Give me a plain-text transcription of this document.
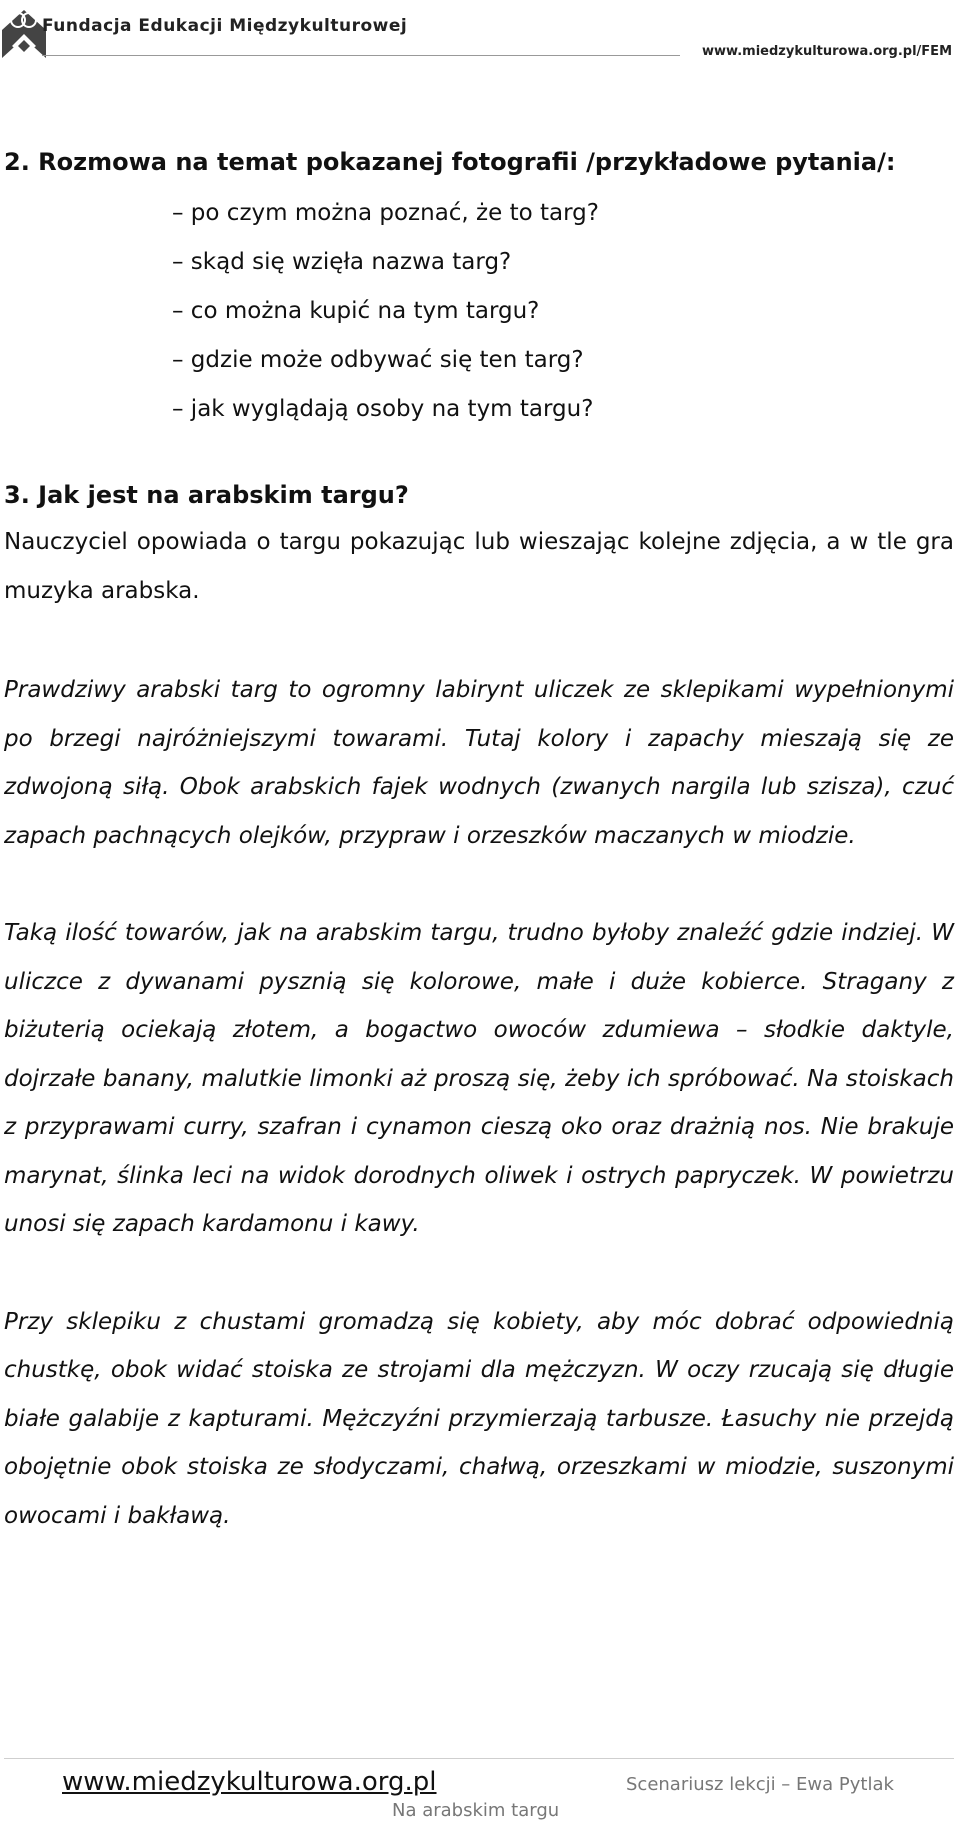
Fundacja Edukacji Międzykulturowej
www.miedzykulturowa.org.pl/FEM

2. Rozmowa na temat pokazanej fotografii /przykładowe pytania/:

– po czym można poznać, że to targ?
– skąd się wzięła nazwa targ?
– co można kupić na tym targu?
– gdzie może odbywać się ten targ?
– jak wyglądają osoby na tym targu?

3. Jak jest na arabskim targu?

Nauczyciel opowiada o targu pokazując lub wieszając kolejne zdjęcia, a w tle gra muzyka arabska.

Prawdziwy arabski targ to ogromny labirynt uliczek ze sklepikami wypełnionymi po brzegi najróżniejszymi towarami. Tutaj kolory i zapachy mieszają się ze zdwojoną siłą. Obok arabskich fajek wodnych (zwanych nargila lub szisza), czuć zapach pachnących olejków, przypraw i orzeszków maczanych w miodzie.

Taką ilość towarów, jak na arabskim targu, trudno byłoby znaleźć gdzie indziej. W uliczce z dywanami pysznią się kolorowe, małe i duże kobierce. Stragany z biżuterią ociekają złotem, a bogactwo owoców zdumiewa – słodkie daktyle, dojrzałe banany, malutkie limonki aż proszą się, żeby ich spróbować. Na stoiskach z przyprawami curry, szafran i cynamon cieszą oko oraz drażnią nos. Nie brakuje marynat, ślinka leci na widok dorodnych oliwek i ostrych papryczek. W powietrzu unosi się zapach kardamonu i kawy.

Przy sklepiku z chustami gromadzą się kobiety, aby móc dobrać odpowiednią chustkę, obok widać stoiska ze strojami dla mężczyzn. W oczy rzucają się długie białe galabije z kapturami. Mężczyźni przymierzają tarbusze. Łasuchy nie przejdą obojętnie obok stoiska ze słodyczami, chałwą, orzeszkami w miodzie, suszonymi owocami i bakławą.

www.miedzykulturowa.org.pl	Scenariusz lekcji – Ewa Pytlak
Na arabskim targu
